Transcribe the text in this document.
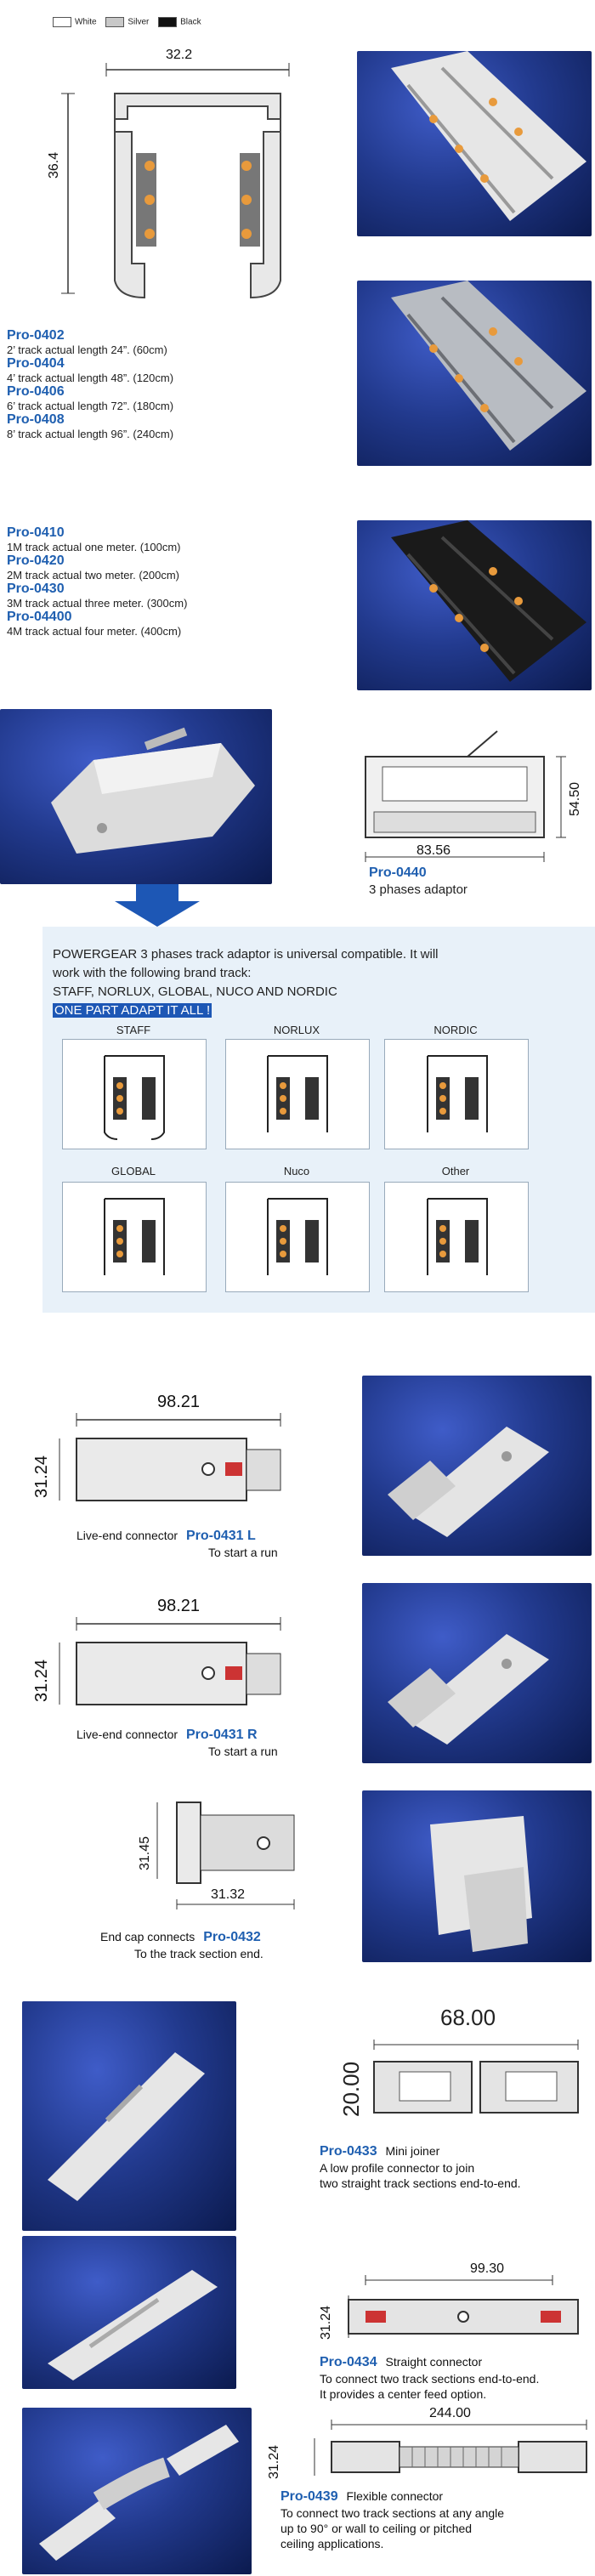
White	Silver	Black
32.2
36.4
Pro-0402
2’ track actual length 24”. (60cm)
Pro-0404
4’ track actual length 48”. (120cm)
Pro-0406
6’ track actual length 72”. (180cm)
Pro-0408
8’ track actual length 96”. (240cm)
Pro-0410
1M track actual one meter. (100cm)
Pro-0420
2M track actual two meter. (200cm)
Pro-0430
3M track actual three meter. (300cm)
Pro-04400
4M track actual four meter. (400cm)
54.50
83.56
Pro-0440
3 phases adaptor
POWERGEAR 3 phases track adaptor is universal compatible. It will
work with the following brand track:
STAFF, NORLUX, GLOBAL, NUCO AND NORDIC
ONE PART ADAPT IT ALL !
STAFF	NORLUX	NORDIC
GLOBAL	Nuco	Other
98.21
31.24
Live-end connector Pro-0431 L
To start a run
98.21
31.24
Live-end connector Pro-0431 R
To start a run
31.45
31.32
End cap connects Pro-0432
To the track section end.
68.00
20.00
Pro-0433 Mini joiner
A low profile connector to join
two straight track sections end-to-end.
99.30
31.24
Pro-0434 Straight connector
To connect two track sections end-to-end.
It provides a center feed option.
244.00
31.24
Pro-0439 Flexible connector
To connect two track sections at any angle
up to 90° or wall to ceiling or pitched
ceiling applications.
